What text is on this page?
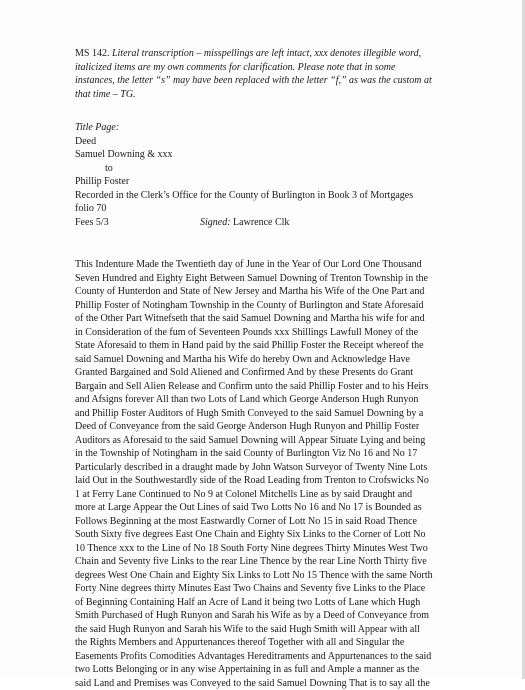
MS 142. Literal transcription – misspellings are left intact, xxx denotes illegible word,
italicized items are my own comments for clarification. Please note that in some
instances, the letter “s” may have been replaced with the letter “f,” as was the custom at
that time – TG.
Title Page:
Deed
Samuel Downing & xxx
to
Phillip Foster
Recorded in the Clerk’s Office for the County of Burlington in Book 3 of Mortgages
folio 70
Fees 5/3	Signed: Lawrence Clk
This Indenture Made the Twentieth day of June in the Year of Our Lord One Thousand
Seven Hundred and Eighty Eight Between Samuel Downing of Trenton Township in the
County of Hunterdon and State of New Jersey and Martha his Wife of the One Part and
Phillip Foster of Notingham Township in the County of Burlington and State Aforesaid
of the Other Part Witnefseth that the said Samuel Downing and Martha his wife for and
in Consideration of the fum of Seventeen Pounds xxx Shillings Lawfull Money of the
State Aforesaid to them in Hand paid by the said Phillip Foster the Receipt whereof the
said Samuel Downing and Martha his Wife do hereby Own and Acknowledge Have
Granted Bargained and Sold Aliened and Confirmed And by these Presents do Grant
Bargain and Sell Alien Release and Confirm unto the said Phillip Foster and to his Heirs
and Afsigns forever All than two Lots of Land which George Anderson Hugh Runyon
and Phillip Foster Auditors of Hugh Smith Conveyed to the said Samuel Downing by a
Deed of Conveyance from the said George Anderson Hugh Runyon and Phillip Foster
Auditors as Aforesaid to the said Samuel Downing will Appear Situate Lying and being
in the Township of Notingham in the said County of Burlington Viz No 16 and No 17
Particularly described in a draught made by John Watson Surveyor of Twenty Nine Lots
laid Out in the Southwestardly side of the Road Leading from Trenton to Crofswicks No
1 at Ferry Lane Continued to No 9 at Colonel Mitchells Line as by said Draught and
more at Large Appear the Out Lines of said Two Lotts No 16 and No 17 is Bounded as
Follows Beginning at the most Eastwardly Corner of Lott No 15 in said Road Thence
South Sixty five degrees East One Chain and Eighty Six Links to the Corner of Lott No
10 Thence xxx to the Line of No 18 South Forty Nine degrees Thirty Minutes West Two
Chain and Seventy five Links to the rear Line Thence by the rear Line North Thirty five
degrees West One Chain and Eighty Six Links to Lott No 15 Thence with the same North
Forty Nine degrees thirty Minutes East Two Chains and Seventy five Links to the Place
of Beginning Containing Half an Acre of Land it being two Lotts of Lane which Hugh
Smith Purchased of Hugh Runyon and Sarah his Wife as by a Deed of Conveyance from
the said Hugh Runyon and Sarah his Wife to the said Hugh Smith will Appear with all
the Rights Members and Appurtenances thereof Together with all and Singular the
Easements Profits Comodities Advantages Hereditraments and Appurtenances to the said
two Lotts Belonging or in any wise Appertaining in as full and Ample a manner as the
said Land and Premises was Conveyed to the said Samuel Downing That is to say all the
